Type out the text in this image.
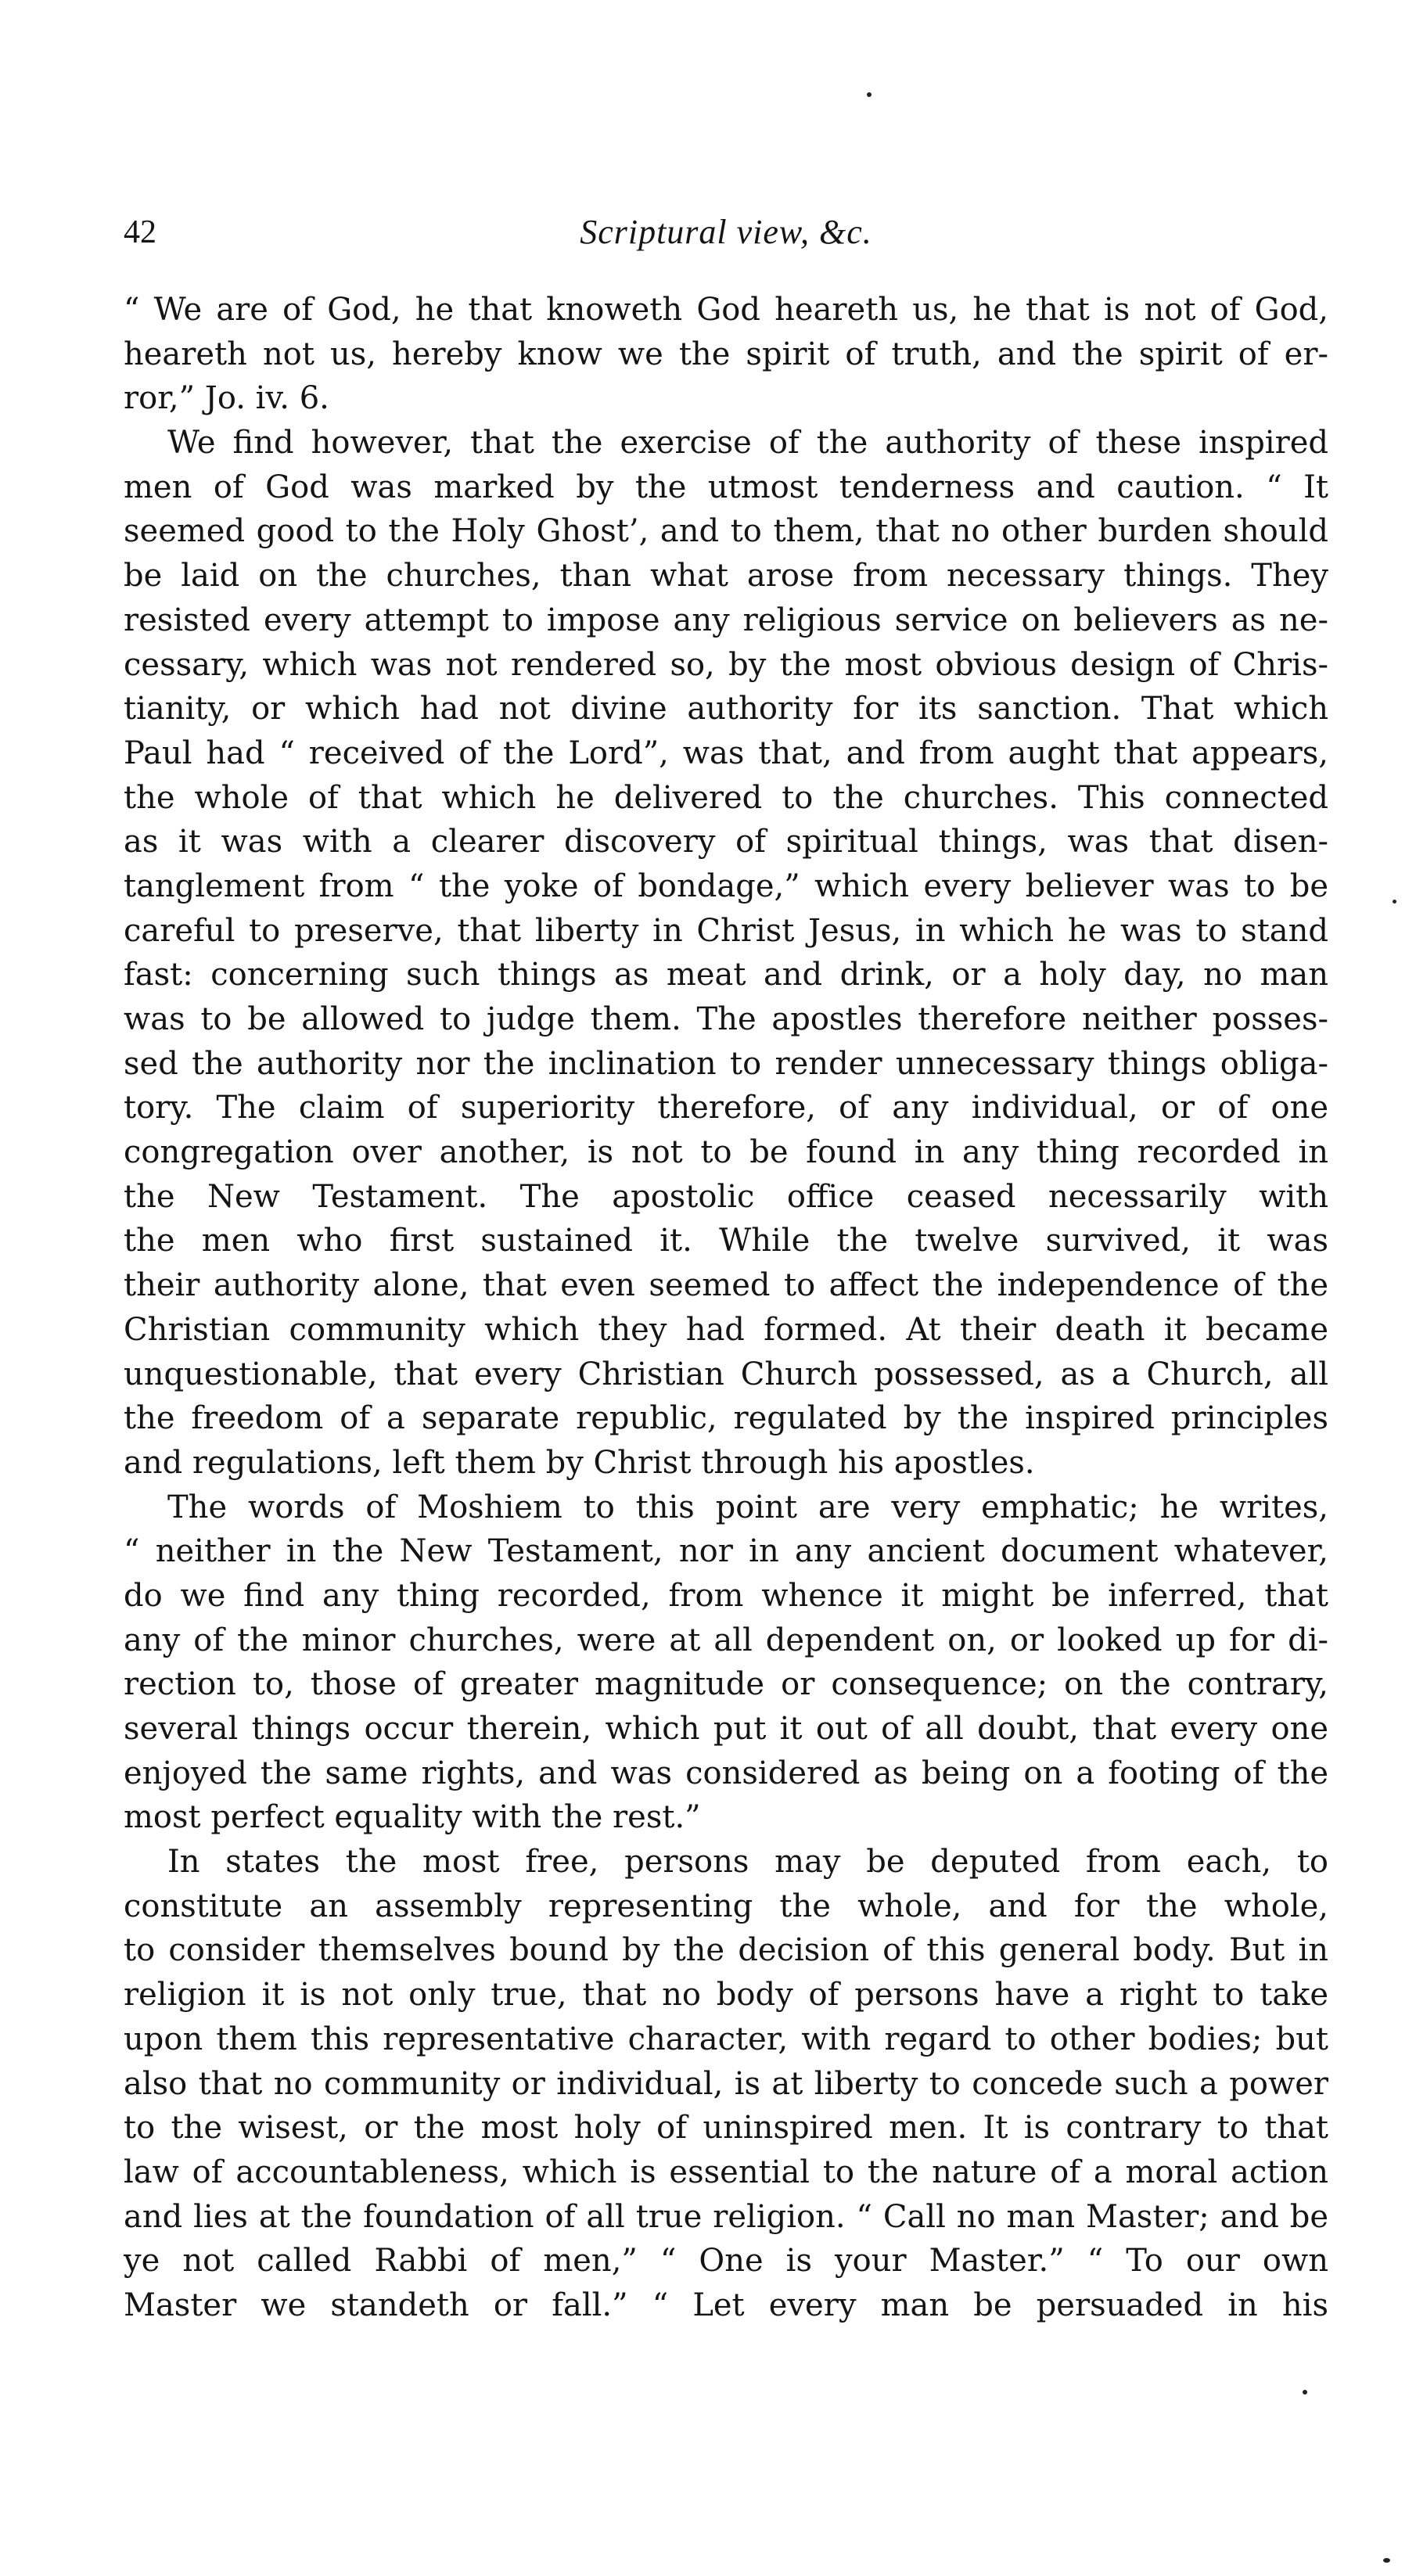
42	Scriptural view, &c.
“ We are of God, he that knoweth God heareth us, he that is not of God,
heareth not us, hereby know we the spirit of truth, and the spirit of er-
ror,” Jo. iv. 6.
We find however, that the exercise of the authority of these inspired
men of God was marked by the utmost tenderness and caution. “ It
seemed good to the Holy Ghost’, and to them, that no other burden should
be laid on the churches, than what arose from necessary things. They
resisted every attempt to impose any religious service on believers as ne-
cessary, which was not rendered so, by the most obvious design of Chris-
tianity, or which had not divine authority for its sanction. That which
Paul had “ received of the Lord”, was that, and from aught that appears,
the whole of that which he delivered to the churches. This connected
as it was with a clearer discovery of spiritual things, was that disen-
tanglement from “ the yoke of bondage,” which every believer was to be
careful to preserve, that liberty in Christ Jesus, in which he was to stand
fast: concerning such things as meat and drink, or a holy day, no man
was to be allowed to judge them. The apostles therefore neither posses-
sed the authority nor the inclination to render unnecessary things obliga-
tory. The claim of superiority therefore, of any individual, or of one
congregation over another, is not to be found in any thing recorded in
the New Testament. The apostolic office ceased necessarily with
the men who first sustained it. While the twelve survived, it was
their authority alone, that even seemed to affect the independence of the
Christian community which they had formed. At their death it became
unquestionable, that every Christian Church possessed, as a Church, all
the freedom of a separate republic, regulated by the inspired principles
and regulations, left them by Christ through his apostles.
The words of Moshiem to this point are very emphatic; he writes,
“ neither in the New Testament, nor in any ancient document whatever,
do we find any thing recorded, from whence it might be inferred, that
any of the minor churches, were at all dependent on, or looked up for di-
rection to, those of greater magnitude or consequence; on the contrary,
several things occur therein, which put it out of all doubt, that every one
enjoyed the same rights, and was considered as being on a footing of the
most perfect equality with the rest.”
In states the most free, persons may be deputed from each, to
constitute an assembly representing the whole, and for the whole,
to consider themselves bound by the decision of this general body. But in
religion it is not only true, that no body of persons have a right to take
upon them this representative character, with regard to other bodies; but
also that no community or individual, is at liberty to concede such a power
to the wisest, or the most holy of uninspired men. It is contrary to that
law of accountableness, which is essential to the nature of a moral action
and lies at the foundation of all true religion. “ Call no man Master; and be
ye not called Rabbi of men,” “ One is your Master.” “ To our own
Master we standeth or fall.” “ Let every man be persuaded in his
